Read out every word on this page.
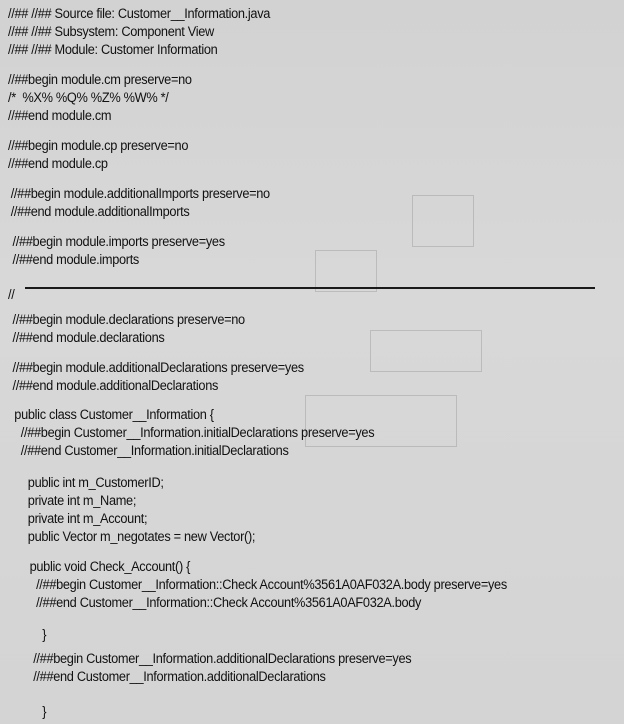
//## //## Source file: Customer__Information.java
//## //## Subsystem: Component View
//## //## Module: Customer Information
//##begin module.cm preserve=no
/*  %X% %Q% %Z% %W% */
//##end module.cm
//##begin module.cp preserve=no
//##end module.cp
//##begin module.additionalImports preserve=no
//##end module.additionalImports
//##begin module.imports preserve=yes
//##end module.imports
//
//##begin module.declarations preserve=no
//##end module.declarations
//##begin module.additionalDeclarations preserve=yes
//##end module.additionalDeclarations
public class Customer__Information {
//##begin Customer__Information.initialDeclarations preserve=yes
//##end Customer__Information.initialDeclarations
public int m_CustomerID;
private int m_Name;
private int m_Account;
public Vector m_negotates = new Vector();
public void Check_Account() {
//##begin Customer__Information::Check Account%3561A0AF032A.body preserve=yes
//##end Customer__Information::Check Account%3561A0AF032A.body
}
//##begin Customer__Information.additionalDeclarations preserve=yes
//##end Customer__Information.additionalDeclarations
}
